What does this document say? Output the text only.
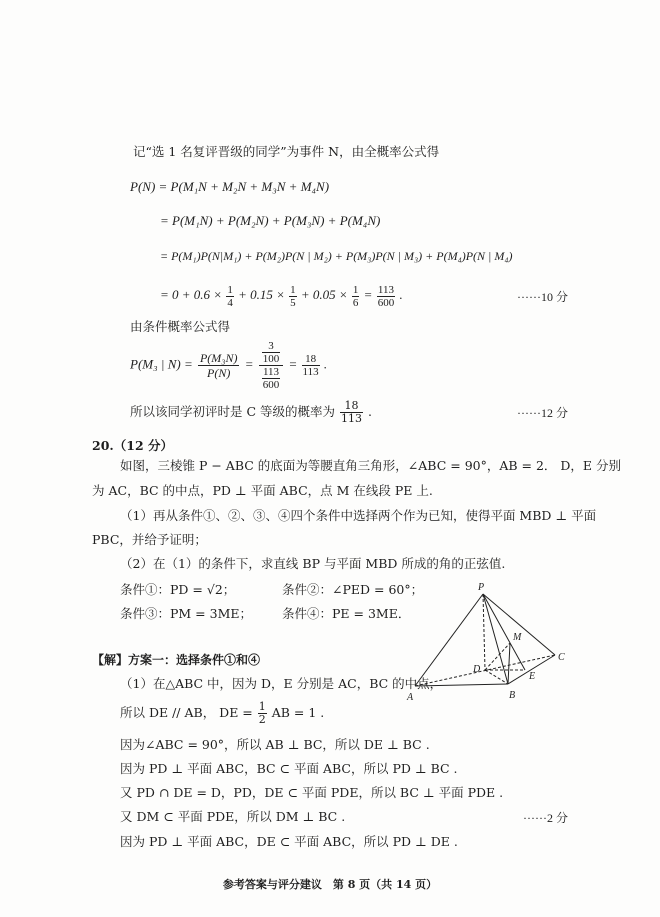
记“选 1 名复评晋级的同学”为事件 N，由全概率公式得
P(N) = P(M₁N + M₂N + M₃N + M₄N)
= P(M₁N) + P(M₂N) + P(M₃N) + P(M₄N)
= P(M₁)P(N|M₁) + P(M₂)P(N | M₂) + P(M₃)P(N | M₃) + P(M₄)P(N | M₄)
= $0 + 0.6 \times \frac{1}{4} + 0.15 \times \frac{1}{5} + 0.05 \times \frac{1}{6} = \frac{113}{600}$ .	······10 分
由条件概率公式得
P(M₃ | $N) = \frac{\text{P(M₃N)}}{P(N)} = \frac{\frac{3}{100}}{\frac{113}{600}} = \frac{18}{113}$ .
所以该同学初评时是 C 等级的概率为 $\frac{18}{113}$ .	······12 分
20.（12 分）
如图，三棱锥 P − ABC 的底面为等腰直角三角形，∠ABC = 90°，AB = 2． D，E 分别
为 AC，BC 的中点，PD ⊥ 平面 ABC，点 M 在线段 PE 上.
（1）再从条件①、②、③、④四个条件中选择两个作为已知，使得平面 MBD ⊥ 平面
PBC，并给予证明；
（2）在（1）的条件下，求直线 BP 与平面 MBD 所成的角的正弦值.
条件①：PD = √2；	条件②：∠PED = 60°；
条件③：PM = 3ME； 条件④：PE = 3ME．
P
M
C
D
E
A	B
【解】方案一：选择条件①和④
（1）在△ABC 中，因为 D，E 分别是 AC，BC 的中点，
所以 DE // AB， DE = $\frac{1}{2}$ AB = 1 .
因为∠ABC = 90°，所以 AB ⊥ BC，所以 DE ⊥ BC .
因为 PD ⊥ 平面 ABC，BC ⊂ 平面 ABC，所以 PD ⊥ BC .
又 PD ∩ DE = D，PD，DE ⊂ 平面 PDE，所以 BC ⊥ 平面 PDE .
又 DM ⊂ 平面 PDE，所以 DM ⊥ BC .	······2 分
因为 PD ⊥ 平面 ABC，DE ⊂ 平面 ABC，所以 PD ⊥ DE .
参考答案与评分建议　第 8 页（共 14 页）
